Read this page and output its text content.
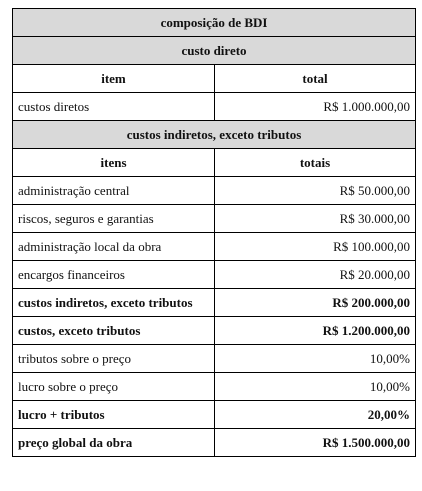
composição de BDI	
custo direto	
item	total
custos diretos	R$ 1.000.000,00
custos indiretos, exceto tributos	
itens	totais
administração central	R$ 50.000,00
riscos, seguros e garantias	R$ 30.000,00
administração local da obra	R$ 100.000,00
encargos financeiros	R$ 20.000,00
custos indiretos, exceto tributos	R$ 200.000,00
custos, exceto tributos	R$ 1.200.000,00
tributos sobre o preço	10,00%
lucro sobre o preço	10,00%
lucro + tributos	20,00%
preço global da obra	R$ 1.500.000,00
